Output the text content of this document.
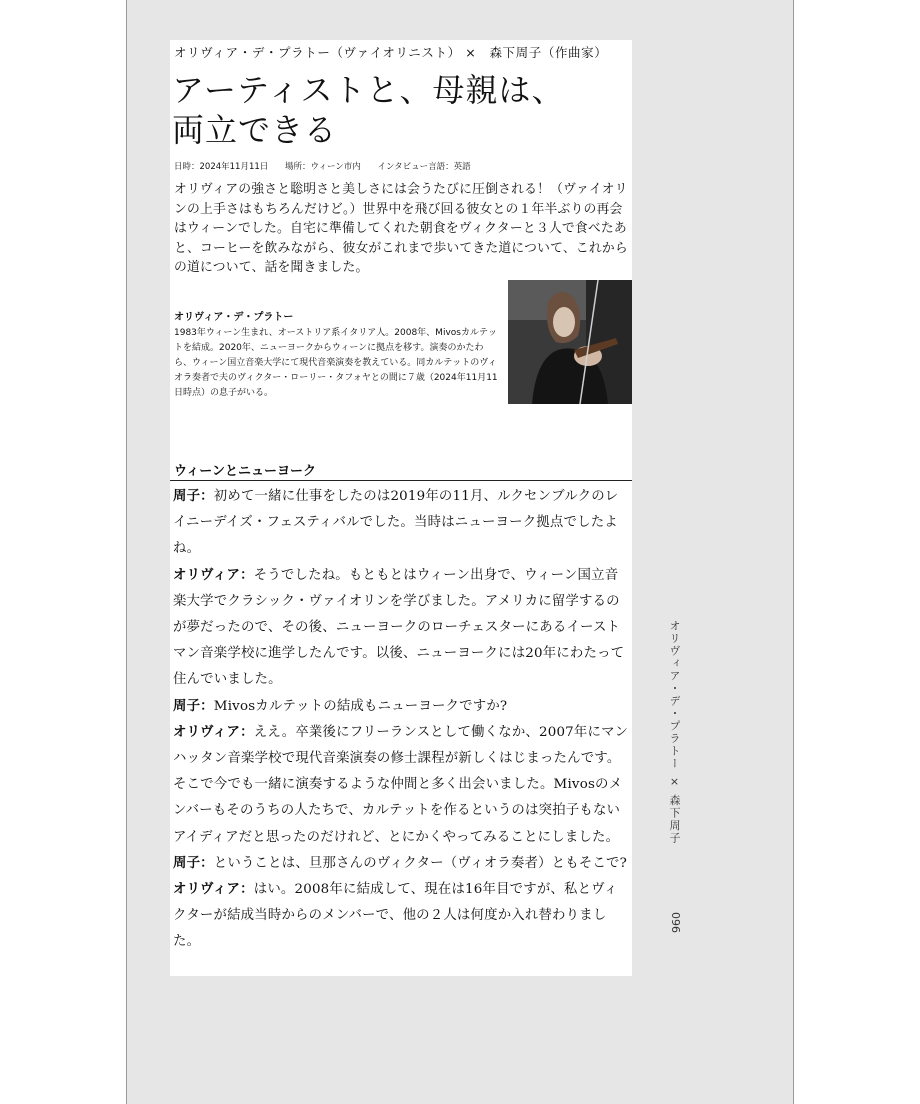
オリヴィア・デ・プラトー（ヴァイオリニスト） ×　森下周子（作曲家）
アーティストと、母親は、
両立できる
日時：2024年11月11日 場所：ウィーン市内 インタビュー言語：英語

オリヴィアの強さと聡明さと美しさには会うたびに圧倒される！（ヴァイオリンの上手さはもちろんだけど。）世界中を飛び回る彼女との１年半ぶりの再会はウィーンでした。自宅に準備してくれた朝食をヴィクターと３人で食べたあと、コーヒーを飲みながら、彼女がこれまで歩いてきた道について、これからの道について、話を聞きました。

オリヴィア・デ・プラトー

1983年ウィーン生まれ、オーストリア系イタリア人。2008年、Mivosカルテットを結成。2020年、ニューヨークからウィーンに拠点を移す。演奏のかたわら、ウィーン国立音楽大学にて現代音楽演奏を教えている。同カルテットのヴィオラ奏者で夫のヴィクター・ローリー・タフォヤとの間に７歳（2024年11月11日時点）の息子がいる。

ウィーンとニューヨーク

周子：初めて一緒に仕事をしたのは2019年の11月、ルクセンブルクのレイニーデイズ・フェスティバルでした。当時はニューヨーク拠点でしたよね。

オリヴィア：そうでしたね。もともとはウィーン出身で、ウィーン国立音楽大学でクラシック・ヴァイオリンを学びました。アメリカに留学するのが夢だったので、その後、ニューヨークのローチェスターにあるイーストマン音楽学校に進学したんです。以後、ニューヨークには20年にわたって住んでいました。

周子：Mivosカルテットの結成もニューヨークですか?

オリヴィア：ええ。卒業後にフリーランスとして働くなか、2007年にマンハッタン音楽学校で現代音楽演奏の修士課程が新しくはじまったんです。そこで今でも一緒に演奏するような仲間と多く出会いました。Mivosのメンバーもそのうちの人たちで、カルテットを作るというのは突拍子もないアイディアだと思ったのだけれど、とにかくやってみることにしました。

周子：ということは、旦那さんのヴィクター（ヴィオラ奏者）ともそこで?

オリヴィア：はい。2008年に結成して、現在は16年目ですが、私とヴィクターが結成当時からのメンバーで、他の２人は何度か入れ替わりました。

オリヴィア・デ・プラトー × 森下周子
096
